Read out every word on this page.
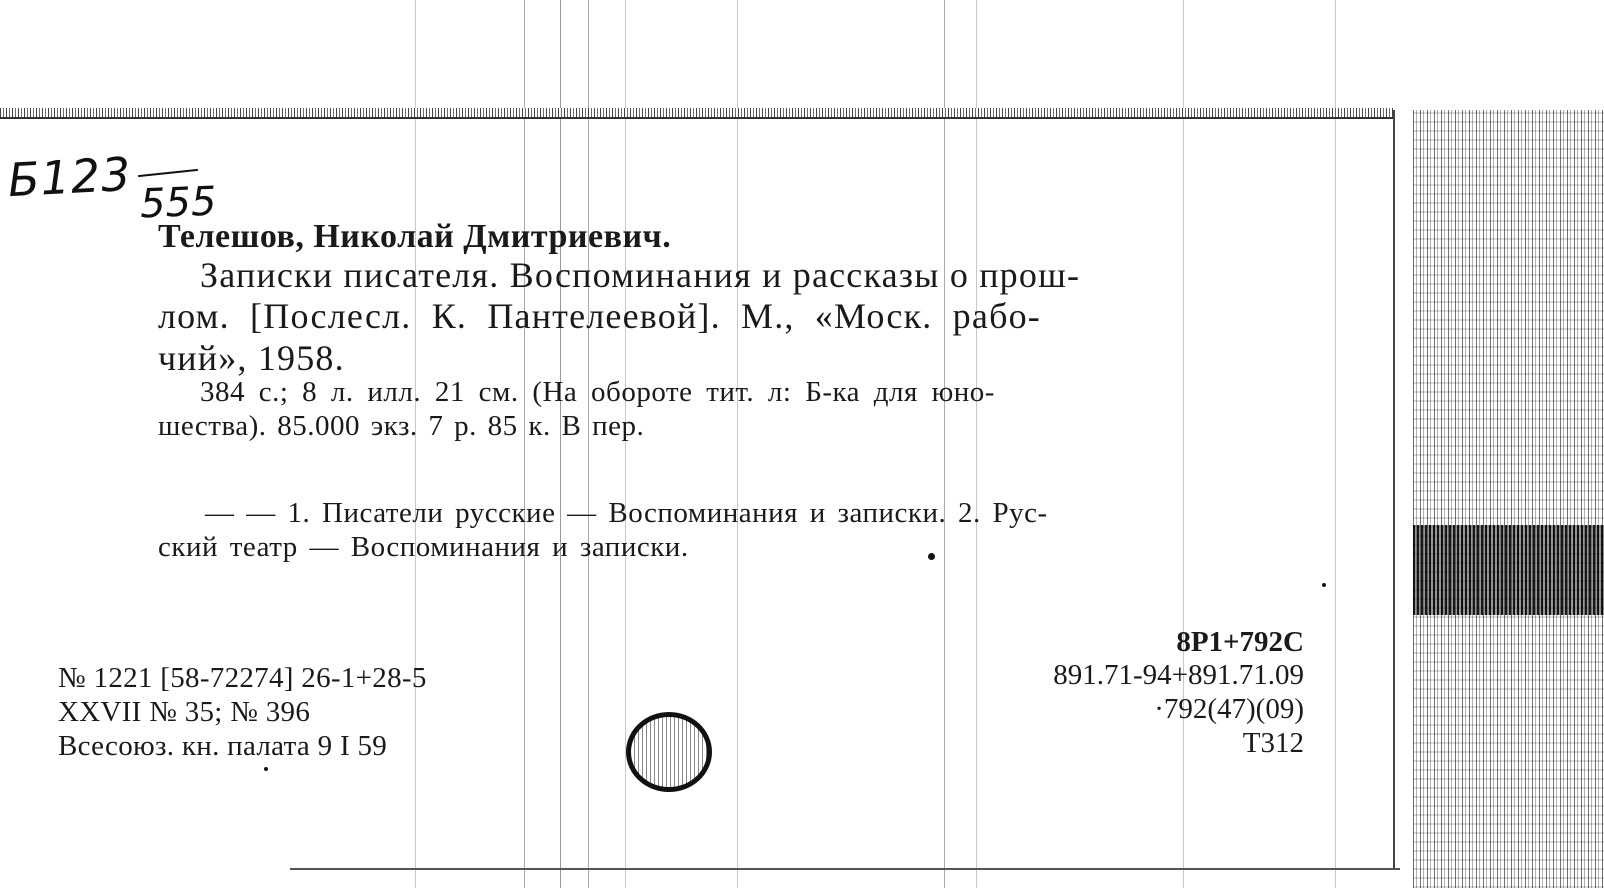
Б123 555
Телешов, Николай Дмитриевич.
Записки писателя. Воспоминания и рассказы о прош-
лом. [Послесл. К. Пантелеевой]. М., «Моск. рабо-
чий», 1958.
384 с.; 8 л. илл. 21 см. (На обороте тит. л: Б-ка для юно-
шества). 85.000 экз. 7 р. 85 к. В пер.
— — 1. Писатели русские — Воспоминания и записки. 2. Рус-
ский театр — Воспоминания и записки.
№ 1221 [58-72274] 26-1+28-5
XXVII № 35; № 396
Всесоюз. кн. палата 9 I 59
8Р1+792С
891.71-94+891.71.09
·792(47)(09)
Т312
